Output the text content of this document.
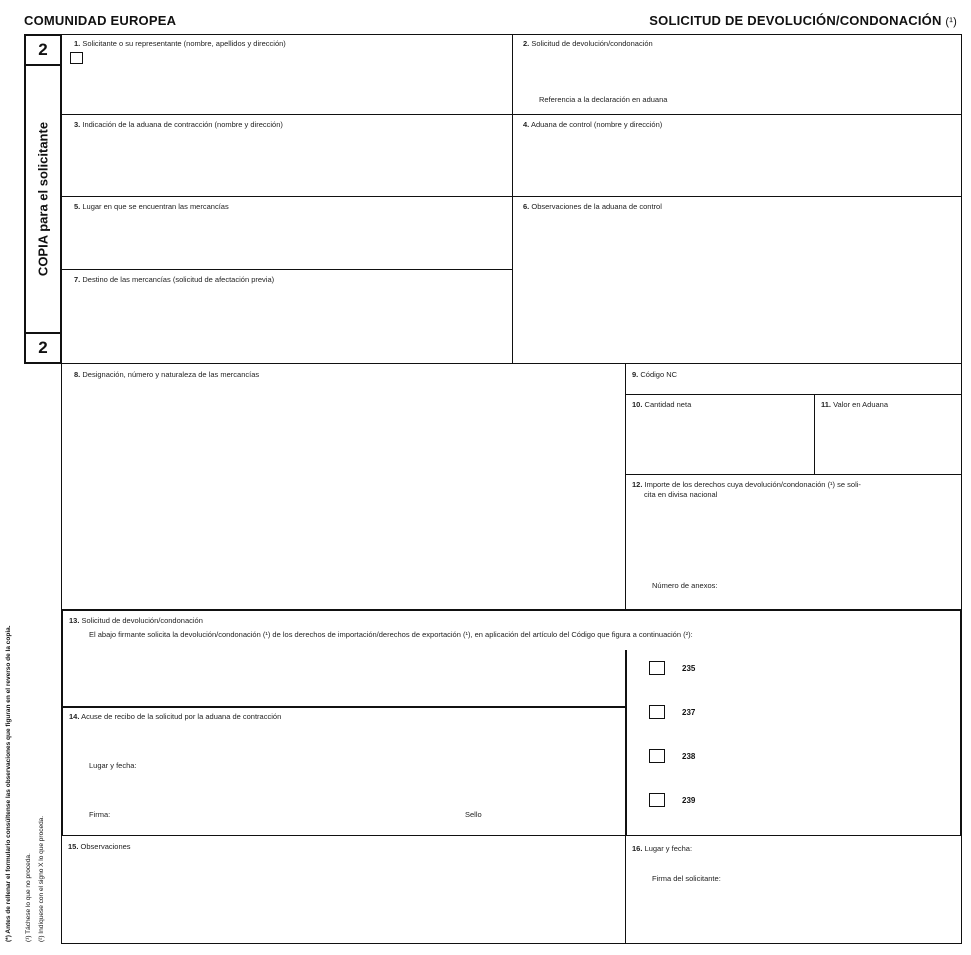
COMUNIDAD EUROPEA	SOLICITUD DE DEVOLUCIÓN/CONDONACIÓN (¹)
2
COPIA para el solicitante
2
1. Solicitante o su representante (nombre, apellidos y dirección)	2. Solicitud de devolución/condonación
Referencia a la declaración en aduana
3. Indicación de la aduana de contracción (nombre y dirección)	4. Aduana de control (nombre y dirección)
5. Lugar en que se encuentran las mercancías	6. Observaciones de la aduana de control
7. Destino de las mercancías (solicitud de afectación previa)
8. Designación, número y naturaleza de las mercancías	9. Código NC
10. Cantidad neta	11. Valor en Aduana
12. Importe de los derechos cuya devolución/condonación (¹) se soli-
cita en divisa nacional
Número de anexos:
13. Solicitud de devolución/condonación
El abajo firmante solicita la devolución/condonación (¹) de los derechos de importación/derechos de exportación (¹), en aplicación del artículo del Código que figura a continuación (²):
235
237
238
239
14. Acuse de recibo de la solicitud por la aduana de contracción
Lugar y fecha:
Firma:	Sello
15. Observaciones	16. Lugar y fecha:
Firma del solicitante:
(*) Antes de rellenar el formulario consúltense las observaciones que figuran en el reverso de la copia. (¹) Táchese lo que no proceda. (²) Indíquese con el signo X lo que proceda.
